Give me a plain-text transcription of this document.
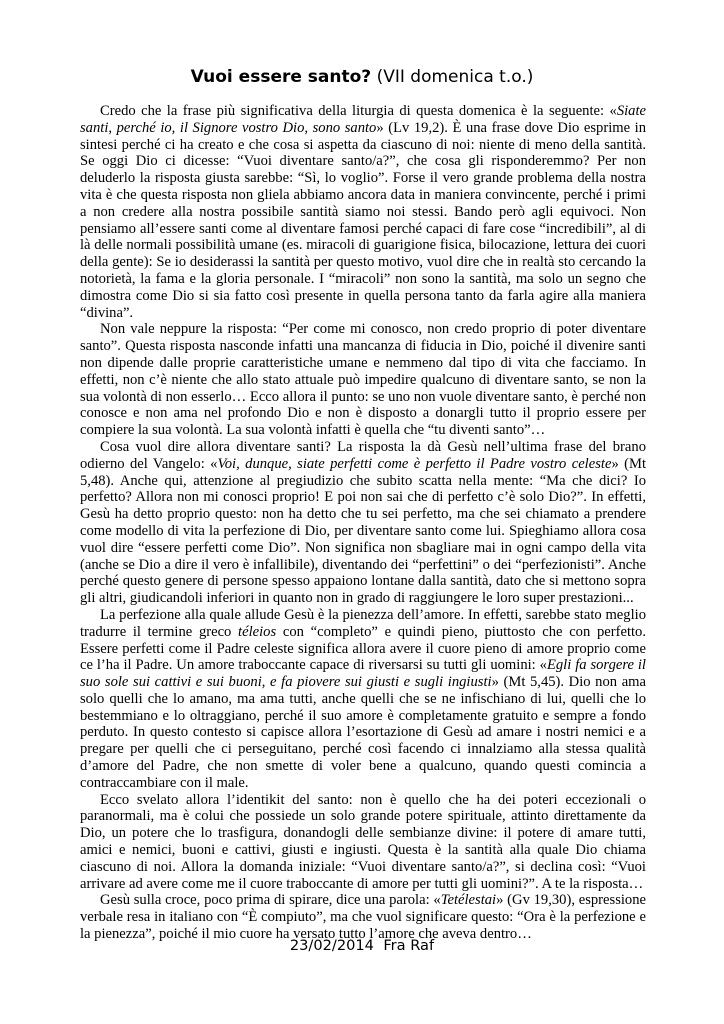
Vuoi essere santo? (VII domenica t.o.)

Credo che la frase più significativa della liturgia di questa domenica è la seguente: «Siate santi, perché io, il Signore vostro Dio, sono santo» (Lv 19,2). È una frase dove Dio esprime in sintesi perché ci ha creato e che cosa si aspetta da ciascuno di noi: niente di meno della santità. Se oggi Dio ci dicesse: “Vuoi diventare santo/a?”, che cosa gli risponderemmo? Per non deluderlo la risposta giusta sarebbe: “Sì, lo voglio”. Forse il vero grande problema della nostra vita è che questa risposta non gliela abbiamo ancora data in maniera convincente, perché i primi a non credere alla nostra possibile santità siamo noi stessi. Bando però agli equivoci. Non pensiamo all’essere santi come al diventare famosi perché capaci di fare cose “incredibili”, al di là delle normali possibilità umane (es. miracoli di guarigione fisica, bilocazione, lettura dei cuori della gente): Se io desiderassi la santità per questo motivo, vuol dire che in realtà sto cercando la notorietà, la fama e la gloria personale. I “miracoli” non sono la santità, ma solo un segno che dimostra come Dio si sia fatto così presente in quella persona tanto da farla agire alla maniera “divina”.

Non vale neppure la risposta: “Per come mi conosco, non credo proprio di poter diventare santo”. Questa risposta nasconde infatti una mancanza di fiducia in Dio, poiché il divenire santi non dipende dalle proprie caratteristiche umane e nemmeno dal tipo di vita che facciamo. In effetti, non c’è niente che allo stato attuale può impedire qualcuno di diventare santo, se non la sua volontà di non esserlo… Ecco allora il punto: se uno non vuole diventare santo, è perché non conosce e non ama nel profondo Dio e non è disposto a donargli tutto il proprio essere per compiere la sua volontà. La sua volontà infatti è quella che “tu diventi santo”…

Cosa vuol dire allora diventare santi? La risposta la dà Gesù nell’ultima frase del brano odierno del Vangelo: «Voi, dunque, siate perfetti come è perfetto il Padre vostro celeste» (Mt 5,48). Anche qui, attenzione al pregiudizio che subito scatta nella mente: “Ma che dici? Io perfetto? Allora non mi conosci proprio! E poi non sai che di perfetto c’è solo Dio?”. In effetti, Gesù ha detto proprio questo: non ha detto che tu sei perfetto, ma che sei chiamato a prendere come modello di vita la perfezione di Dio, per diventare santo come lui. Spieghiamo allora cosa vuol dire “essere perfetti come Dio”. Non significa non sbagliare mai in ogni campo della vita (anche se Dio a dire il vero è infallibile), diventando dei “perfettini” o dei “perfezionisti”. Anche perché questo genere di persone spesso appaiono lontane dalla santità, dato che si mettono sopra gli altri, giudicandoli inferiori in quanto non in grado di raggiungere le loro super prestazioni...

La perfezione alla quale allude Gesù è la pienezza dell’amore. In effetti, sarebbe stato meglio tradurre il termine greco téleios con “completo” e quindi pieno, piuttosto che con perfetto. Essere perfetti come il Padre celeste significa allora avere il cuore pieno di amore proprio come ce l’ha il Padre. Un amore traboccante capace di riversarsi su tutti gli uomini: «Egli fa sorgere il suo sole sui cattivi e sui buoni, e fa piovere sui giusti e sugli ingiusti» (Mt 5,45). Dio non ama solo quelli che lo amano, ma ama tutti, anche quelli che se ne infischiano di lui, quelli che lo bestemmiano e lo oltraggiano, perché il suo amore è completamente gratuito e sempre a fondo perduto. In questo contesto si capisce allora l’esortazione di Gesù ad amare i nostri nemici e a pregare per quelli che ci perseguitano, perché così facendo ci innalziamo alla stessa qualità d’amore del Padre, che non smette di voler bene a qualcuno, quando questi comincia a contraccambiare con il male.

Ecco svelato allora l’identikit del santo: non è quello che ha dei poteri eccezionali o paranormali, ma è colui che possiede un solo grande potere spirituale, attinto direttamente da Dio, un potere che lo trasfigura, donandogli delle sembianze divine: il potere di amare tutti, amici e nemici, buoni e cattivi, giusti e ingiusti. Questa è la santità alla quale Dio chiama ciascuno di noi. Allora la domanda iniziale: “Vuoi diventare santo/a?”, si declina così: “Vuoi arrivare ad avere come me il cuore traboccante di amore per tutti gli uomini?”. A te la risposta…

Gesù sulla croce, poco prima di spirare, dice una parola: «Tetélestai» (Gv 19,30), espressione verbale resa in italiano con “È compiuto”, ma che vuol significare questo: “Ora è la perfezione e la pienezza”, poiché il mio cuore ha versato tutto l’amore che aveva dentro…

23/02/2014 Fra Raf
